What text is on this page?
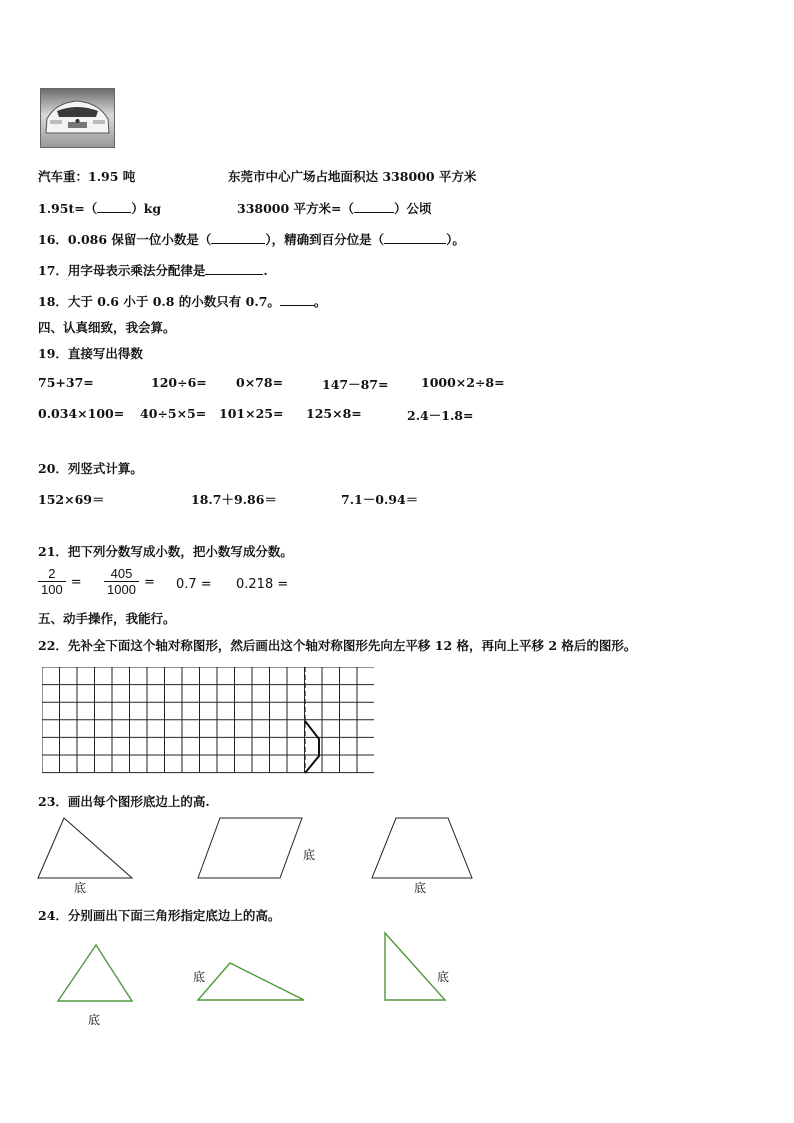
汽车重：1.95 吨	东莞市中心广场占地面积达 338000 平方米
1.95t=（	）kg	338000 平方米=（	）公顷
16．0.086 保留一位小数是（	），精确到百分位是（	）。
17．用字母表示乘法分配律是	.
18．大于 0.6 小于 0.8 的小数只有 0.7。	。
四、认真细致，我会算。
19．直接写出得数
75+37=	120÷6= 0×78=	147－87=	1000×2÷8=
0.034×100= 40÷5×5= 101×25= 125×8=	2.4－1.8=
20．列竖式计算。
152×69＝	18.7＋9.86＝	7.1－0.94＝
21．把下列分数写成小数，把小数写成分数。
$\frac{2}{100} = \frac{405}{1000} = 0.7 = 0.218$ =
五、动手操作，我能行。
22．先补全下面这个轴对称图形，然后画出这个轴对称图形先向左平移 12 格，再向上平移 2 格后的图形。
23．画出每个图形底边上的高.
底
底
底
24．分别画出下面三角形指定底边上的高。
底
底	底
